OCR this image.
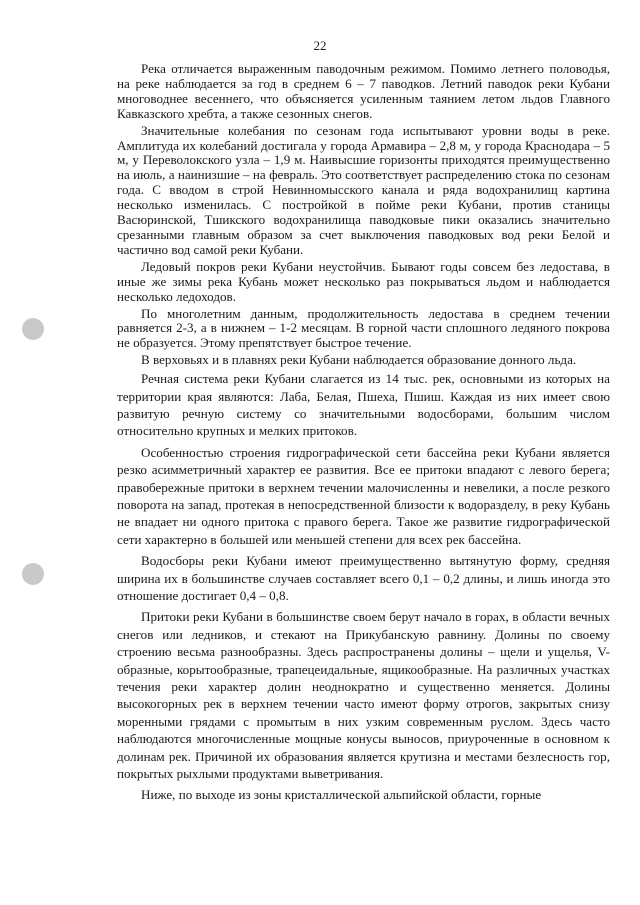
22

Река отличается выраженным паводочным режимом. Помимо летнего половодья, на реке наблюдается за год в среднем 6 – 7 паводков. Летний паводок реки Кубани многоводнее весеннего, что объясняется усиленным таянием летом льдов Главного Кавказского хребта, а также сезонных снегов.

Значительные колебания по сезонам года испытывают уровни воды в реке. Амплитуда их колебаний достигала у города Армавира – 2,8 м, у города Краснодара – 5 м, у Переволокского узла – 1,9 м. Наивысшие горизонты приходятся преимущественно на июль, а наинизшие – на февраль. Это соответствует распределению стока по сезонам года. С вводом в строй Невинномысского канала и ряда водохранилищ картина несколько изменилась. С постройкой в пойме реки Кубани, против станицы Васюринской, Тшикского водохранилища паводковые пики оказались значительно срезанными главным образом за счет выключения паводковых вод реки Белой и частично вод самой реки Кубани.

Ледовый покров реки Кубани неустойчив. Бывают годы совсем без ледостава, в иные же зимы река Кубань может несколько раз покрываться льдом и наблюдается несколько ледоходов.

По многолетним данным, продолжительность ледостава в среднем течении равняется 2-3, а в нижнем – 1-2 месяцам. В горной части сплошного ледяного покрова не образуется. Этому препятствует быстрое течение.

В верховьях и в плавнях реки Кубани наблюдается образование донного льда.

Речная система реки Кубани слагается из 14 тыс. рек, основными из которых на территории края являются: Лаба, Белая, Пшеха, Пшиш. Каждая из них имеет свою развитую речную систему со значительными водосборами, большим числом относительно крупных и мелких притоков.

Особенностью строения гидрографической сети бассейна реки Кубани является резко асимметричный характер ее развития. Все ее притоки впадают с левого берега; правобережные притоки в верхнем течении малочисленны и невелики, а после резкого поворота на запад, протекая в непосредственной близости к водоразделу, в реку Кубань не впадает ни одного притока с правого берега. Такое же развитие гидрографической сети характерно в большей или меньшей степени для всех рек бассейна.

Водосборы реки Кубани имеют преимущественно вытянутую форму, средняя ширина их в большинстве случаев составляет всего 0,1 – 0,2 длины, и лишь иногда это отношение достигает 0,4 – 0,8.

Притоки реки Кубани в большинстве своем берут начало в горах, в области вечных снегов или ледников, и стекают на Прикубанскую равнину. Долины по своему строению весьма разнообразны. Здесь распространены долины – щели и ущелья, V-образные, корытообразные, трапецеидальные, ящикообразные. На различных участках течения реки характер долин неоднократно и существенно меняется. Долины высокогорных рек в верхнем течении часто имеют форму отрогов, закрытых снизу моренными грядами с промытым в них узким современным руслом. Здесь часто наблюдаются многочисленные мощные конусы выносов, приуроченные в основном к долинам рек. Причиной их образования является крутизна и местами безлесность гор, покрытых рыхлыми продуктами выветривания.

Ниже, по выходе из зоны кристаллической альпийской области, горные
